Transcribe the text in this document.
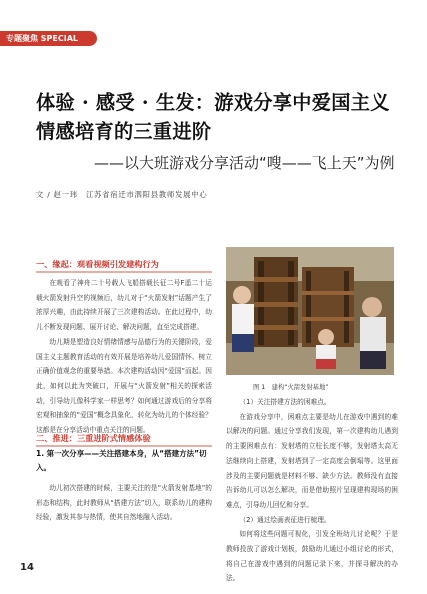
专题聚焦 SPECIAL
体验 · 感受 · 生发：游戏分享中爱国主义
情感培育的三重进阶
——以大班游戏分享活动“嗖——飞上天”为例
文 / 赵一玮　江苏省宿迁市泗阳县教师发展中心
一、缘起：观看视频引发建构行为

在观看了神舟二十号载人飞船搭载长征二号F遥二十运载火箭发射升空的视频后，幼儿对于“火箭发射”话题产生了浓厚兴趣，由此持续开展了三次建构活动。在此过程中，幼儿不断发现问题、展开讨论、解决问题，直至完成搭建。

幼儿期是塑造良好情绪情感与品德行为的关键阶段，爱国主义主题教育活动的有效开展是培养幼儿爱国情怀、树立正确价值观念的重要举措。本次建构活动因“爱国”而起。因此，如何以此为突破口，开展与“火箭发射”相关的探索活动，引导幼儿像科学家一样思考？如何通过游戏后的分享将宏观和抽象的“爱国”概念具象化，转化为幼儿的个体经验？这都是在分享活动中重点关注的问题。

二、推进：三重进阶式情感体验
1. 第一次分享——关注搭建本身，从“搭建方法”切入。

幼儿初次搭建的时候，主要关注的是“火箭发射基地”的形态和结构，此时教师从“搭建方法”切入，联系幼儿的建构经验，激发其参与热情，使其自然地融入活动。

图 1　建构“火箭发射基地”

（1）关注搭建方法的困难点。

在游戏分享中，困难点主要是幼儿在游戏中遇到的难以解决的问题。通过分享我们发现，第一次建构幼儿遇到的主要困难点有：发射塔的立柱长度不够，发射塔太高无法继续向上搭建，发射塔到了一定高度会倒塌等。这里面涉及的主要问题就是材料不够、缺少方法。教师没有直接告诉幼儿可以怎么解决，而是借助照片呈现建构现场的困难点，引导幼儿回忆和分享。

（2）通过绘画表征进行梳理。

如何将这些问题可视化，引发全班幼儿讨论呢？于是教师投放了游戏计划板，鼓励幼儿通过小组讨论的形式，将自己在游戏中遇到的问题记录下来，并探寻解决的办法。

14
